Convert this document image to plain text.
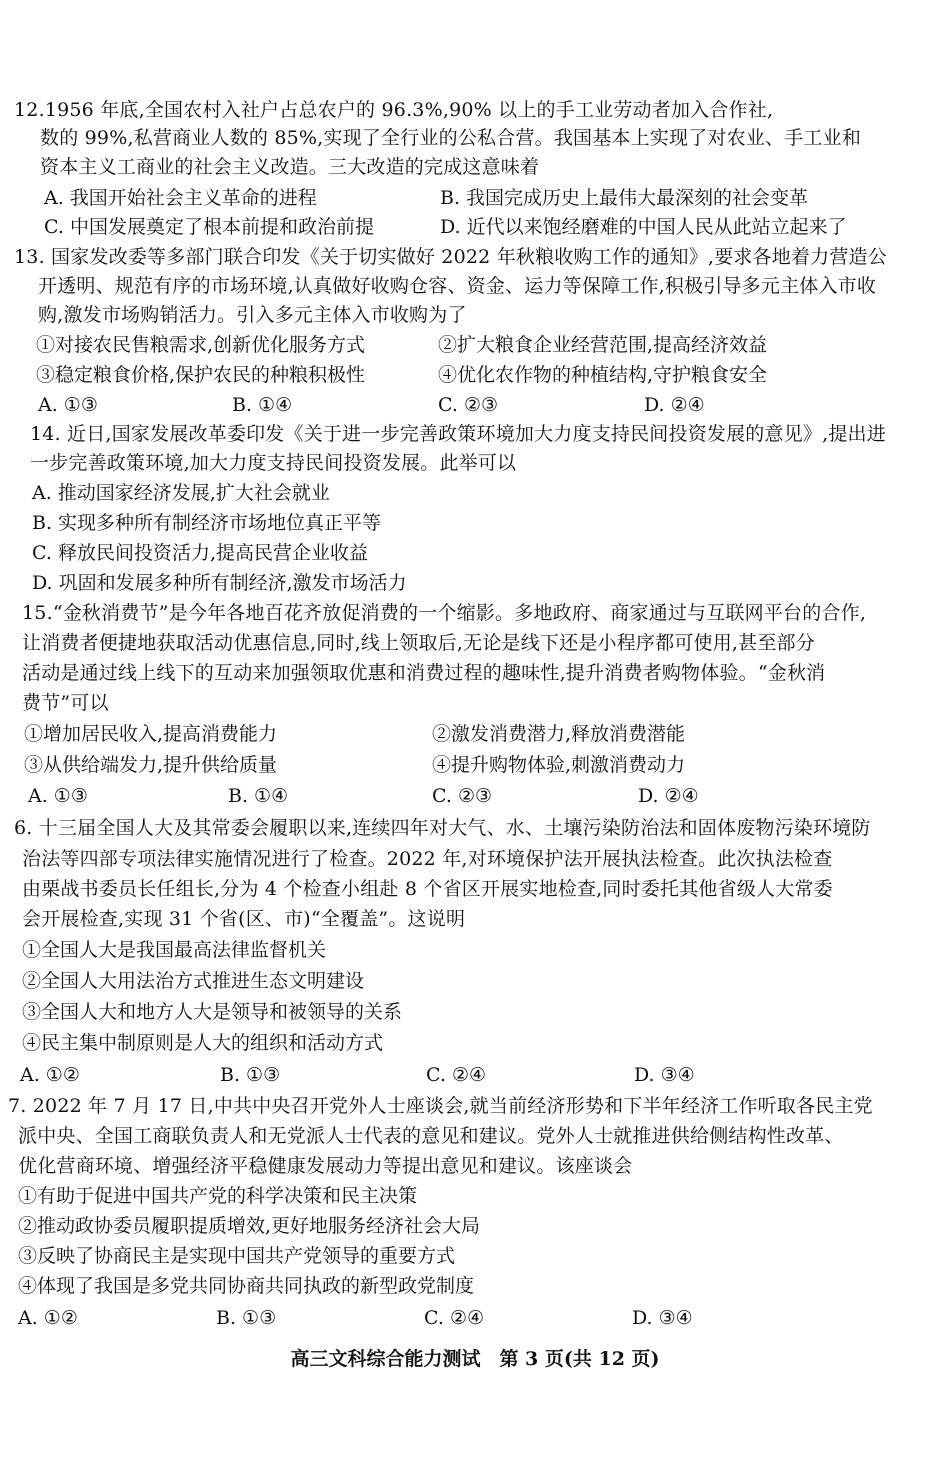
12.1956 年底,全国农村入社户占总农户的 96.3%,90% 以上的手工业劳动者加入合作社,
数的 99%,私营商业人数的 85%,实现了全行业的公私合营。我国基本上实现了对农业、手工业和
资本主义工商业的社会主义改造。三大改造的完成这意味着
A. 我国开始社会主义革命的进程	B. 我国完成历史上最伟大最深刻的社会变革
C. 中国发展奠定了根本前提和政治前提	D. 近代以来饱经磨难的中国人民从此站立起来了
13. 国家发改委等多部门联合印发《关于切实做好 2022 年秋粮收购工作的通知》,要求各地着力营造公
开透明、规范有序的市场环境,认真做好收购仓容、资金、运力等保障工作,积极引导多元主体入市收
购,激发市场购销活力。引入多元主体入市收购为了
①对接农民售粮需求,创新优化服务方式	②扩大粮食企业经营范围,提高经济效益
③稳定粮食价格,保护农民的种粮积极性	④优化农作物的种植结构,守护粮食安全
A. ①③	B. ①④	C. ②③	D. ②④
14. 近日,国家发展改革委印发《关于进一步完善政策环境加大力度支持民间投资发展的意见》,提出进
一步完善政策环境,加大力度支持民间投资发展。此举可以
A. 推动国家经济发展,扩大社会就业
B. 实现多种所有制经济市场地位真正平等
C. 释放民间投资活力,提高民营企业收益
D. 巩固和发展多种所有制经济,激发市场活力
15.“金秋消费节”是今年各地百花齐放促消费的一个缩影。多地政府、商家通过与互联网平台的合作,
让消费者便捷地获取活动优惠信息,同时,线上领取后,无论是线下还是小程序都可使用,甚至部分
活动是通过线上线下的互动来加强领取优惠和消费过程的趣味性,提升消费者购物体验。“金秋消
费节”可以
①增加居民收入,提高消费能力	②激发消费潜力,释放消费潜能
③从供给端发力,提升供给质量	④提升购物体验,刺激消费动力
A. ①③	B. ①④	C. ②③	D. ②④
6. 十三届全国人大及其常委会履职以来,连续四年对大气、水、土壤污染防治法和固体废物污染环境防
治法等四部专项法律实施情况进行了检查。2022 年,对环境保护法开展执法检查。此次执法检查
由栗战书委员长任组长,分为 4 个检查小组赴 8 个省区开展实地检查,同时委托其他省级人大常委
会开展检查,实现 31 个省(区、市)“全覆盖”。这说明
①全国人大是我国最高法律监督机关
②全国人大用法治方式推进生态文明建设
③全国人大和地方人大是领导和被领导的关系
④民主集中制原则是人大的组织和活动方式
A. ①②	B. ①③	C. ②④	D. ③④
7. 2022 年 7 月 17 日,中共中央召开党外人士座谈会,就当前经济形势和下半年经济工作听取各民主党
派中央、全国工商联负责人和无党派人士代表的意见和建议。党外人士就推进供给侧结构性改革、
优化营商环境、增强经济平稳健康发展动力等提出意见和建议。该座谈会
①有助于促进中国共产党的科学决策和民主决策
②推动政协委员履职提质增效,更好地服务经济社会大局
③反映了协商民主是实现中国共产党领导的重要方式
④体现了我国是多党共同协商共同执政的新型政党制度
A. ①②	B. ①③	C. ②④	D. ③④
高三文科综合能力测试　第 3 页(共 12 页)
